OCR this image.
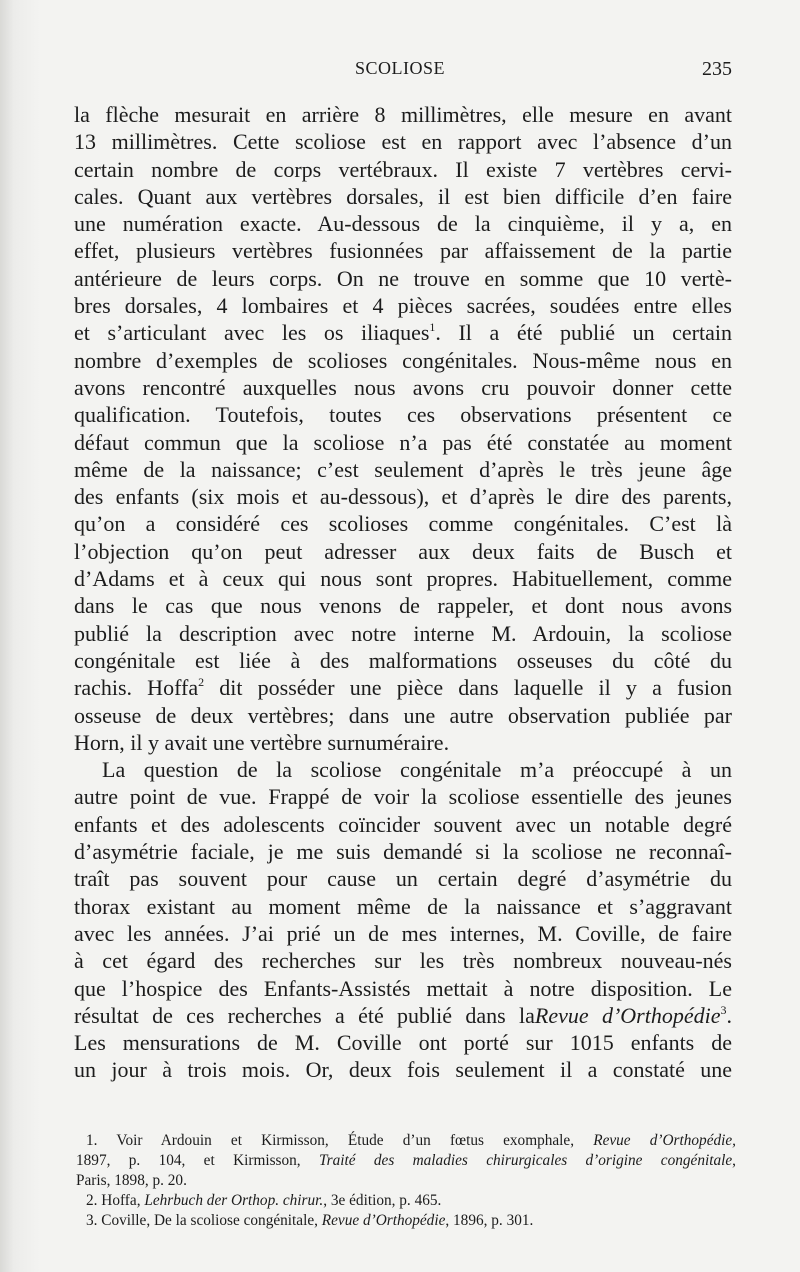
SCOLIOSE	235
la flèche mesurait en arrière 8 millimètres, elle mesure en avant
13 millimètres. Cette scoliose est en rapport avec l’absence d’un
certain nombre de corps vertébraux. Il existe 7 vertèbres cervi-
cales. Quant aux vertèbres dorsales, il est bien difficile d’en faire
une numération exacte. Au-dessous de la cinquième, il y a, en
effet, plusieurs vertèbres fusionnées par affaissement de la partie
antérieure de leurs corps. On ne trouve en somme que 10 vertè-
bres dorsales, 4 lombaires et 4 pièces sacrées, soudées entre elles
et s’articulant avec les os iliaques$^1$. Il a été publié un certain
nombre d’exemples de scolioses congénitales. Nous-même nous en
avons rencontré auxquelles nous avons cru pouvoir donner cette
qualification. Toutefois, toutes ces observations présentent ce
défaut commun que la scoliose n’a pas été constatée au moment
même de la naissance; c’est seulement d’après le très jeune âge
des enfants (six mois et au-dessous), et d’après le dire des parents,
qu’on a considéré ces scolioses comme congénitales. C’est là
l’objection qu’on peut adresser aux deux faits de Busch et
d’Adams et à ceux qui nous sont propres. Habituellement, comme
dans le cas que nous venons de rappeler, et dont nous avons
publié la description avec notre interne M. Ardouin, la scoliose
congénitale est liée à des malformations osseuses du côté du
rachis. Hoffa$^2$ dit posséder une pièce dans laquelle il y a fusion
osseuse de deux vertèbres; dans une autre observation publiée par
Horn, il y avait une vertèbre surnuméraire.
La question de la scoliose congénitale m’a préoccupé à un
autre point de vue. Frappé de voir la scoliose essentielle des jeunes
enfants et des adolescents coïncider souvent avec un notable degré
d’asymétrie faciale, je me suis demandé si la scoliose ne reconnaî-
traît pas souvent pour cause un certain degré d’asymétrie du
thorax existant au moment même de la naissance et s’aggravant
avec les années. J’ai prié un de mes internes, M. Coville, de faire
à cet égard des recherches sur les très nombreux nouveau-nés
que l’hospice des Enfants-Assistés mettait à notre disposition. Le
résultat de ces recherches a été publié dans laRevue d’Orthopédie$^3$.
Les mensurations de M. Coville ont porté sur 1015 enfants de
un jour à trois mois. Or, deux fois seulement il a constaté une
1. Voir Ardouin et Kirmisson, Étude d’un fœtus exomphale, Revue d’Orthopédie,
1897, p. 104, et Kirmisson, Traité des maladies chirurgicales d’origine congénitale,
Paris, 1898, p. 20.
2. Hoffa, Lehrbuch der Orthop. chirur., 3e édition, p. 465.
3. Coville, De la scoliose congénitale, Revue d’Orthopédie, 1896, p. 301.
